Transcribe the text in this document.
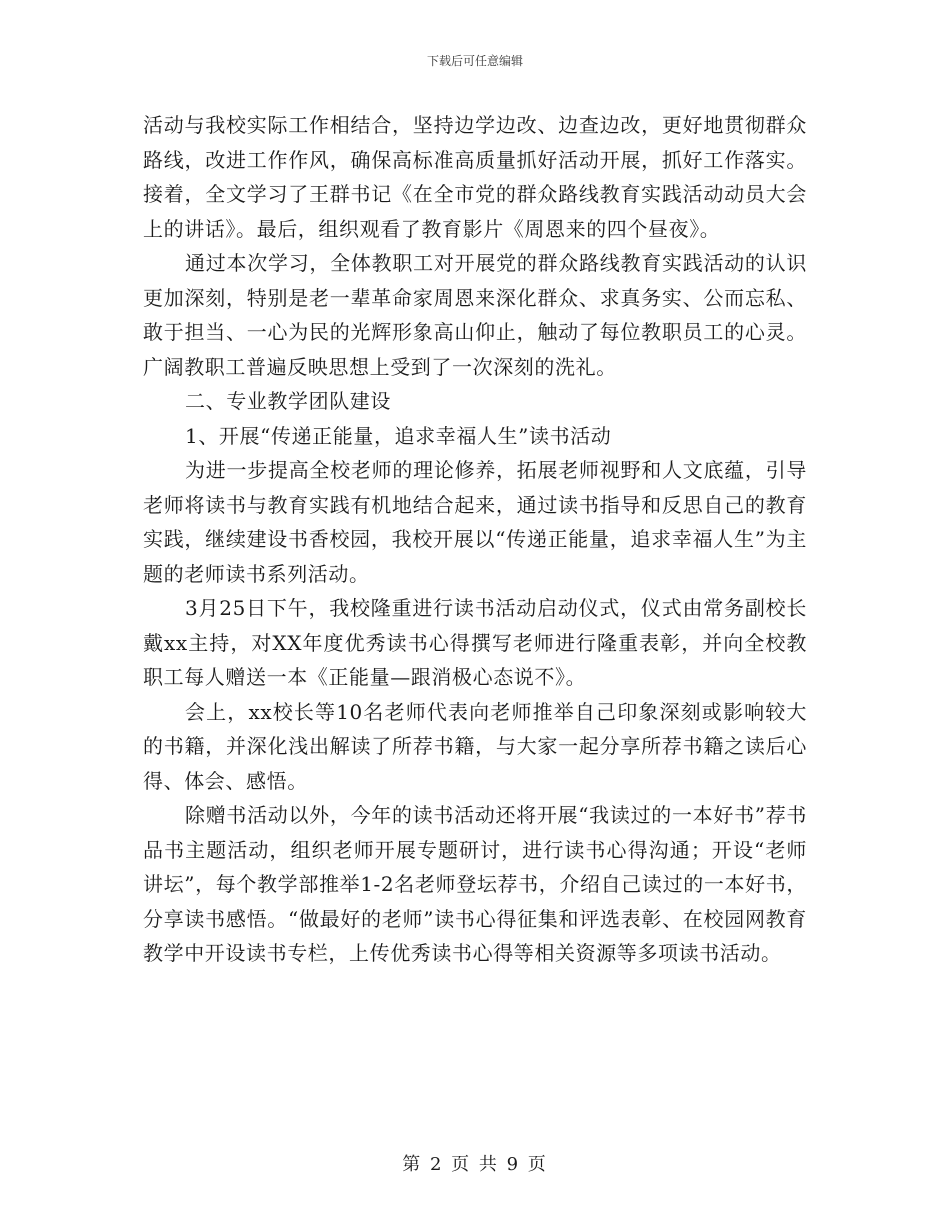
下载后可任意编辑

活动与我校实际工作相结合，坚持边学边改、边查边改，更好地贯彻群众路线，改进工作作风，确保高标准高质量抓好活动开展，抓好工作落实。接着，全文学习了王群书记《在全市党的群众路线教育实践活动动员大会上的讲话》。最后，组织观看了教育影片《周恩来的四个昼夜》。

通过本次学习，全体教职工对开展党的群众路线教育实践活动的认识更加深刻，特别是老一辈革命家周恩来深化群众、求真务实、公而忘私、敢于担当、一心为民的光辉形象高山仰止，触动了每位教职员工的心灵。广阔教职工普遍反映思想上受到了一次深刻的洗礼。

二、专业教学团队建设

1、开展“传递正能量，追求幸福人生”读书活动

为进一步提高全校老师的理论修养，拓展老师视野和人文底蕴，引导老师将读书与教育实践有机地结合起来，通过读书指导和反思自己的教育实践，继续建设书香校园，我校开展以“传递正能量，追求幸福人生”为主题的老师读书系列活动。

3月25日下午，我校隆重进行读书活动启动仪式，仪式由常务副校长戴xx主持，对XX年度优秀读书心得撰写老师进行隆重表彰，并向全校教职工每人赠送一本《正能量—跟消极心态说不》。

会上，xx校长等10名老师代表向老师推举自己印象深刻或影响较大的书籍，并深化浅出解读了所荐书籍，与大家一起分享所荐书籍之读后心得、体会、感悟。

除赠书活动以外，今年的读书活动还将开展“我读过的一本好书”荐书品书主题活动，组织老师开展专题研讨，进行读书心得沟通；开设“老师讲坛”，每个教学部推举1-2名老师登坛荐书，介绍自己读过的一本好书，分享读书感悟。“做最好的老师”读书心得征集和评选表彰、在校园网教育教学中开设读书专栏，上传优秀读书心得等相关资源等多项读书活动。

第 2 页 共 9 页
